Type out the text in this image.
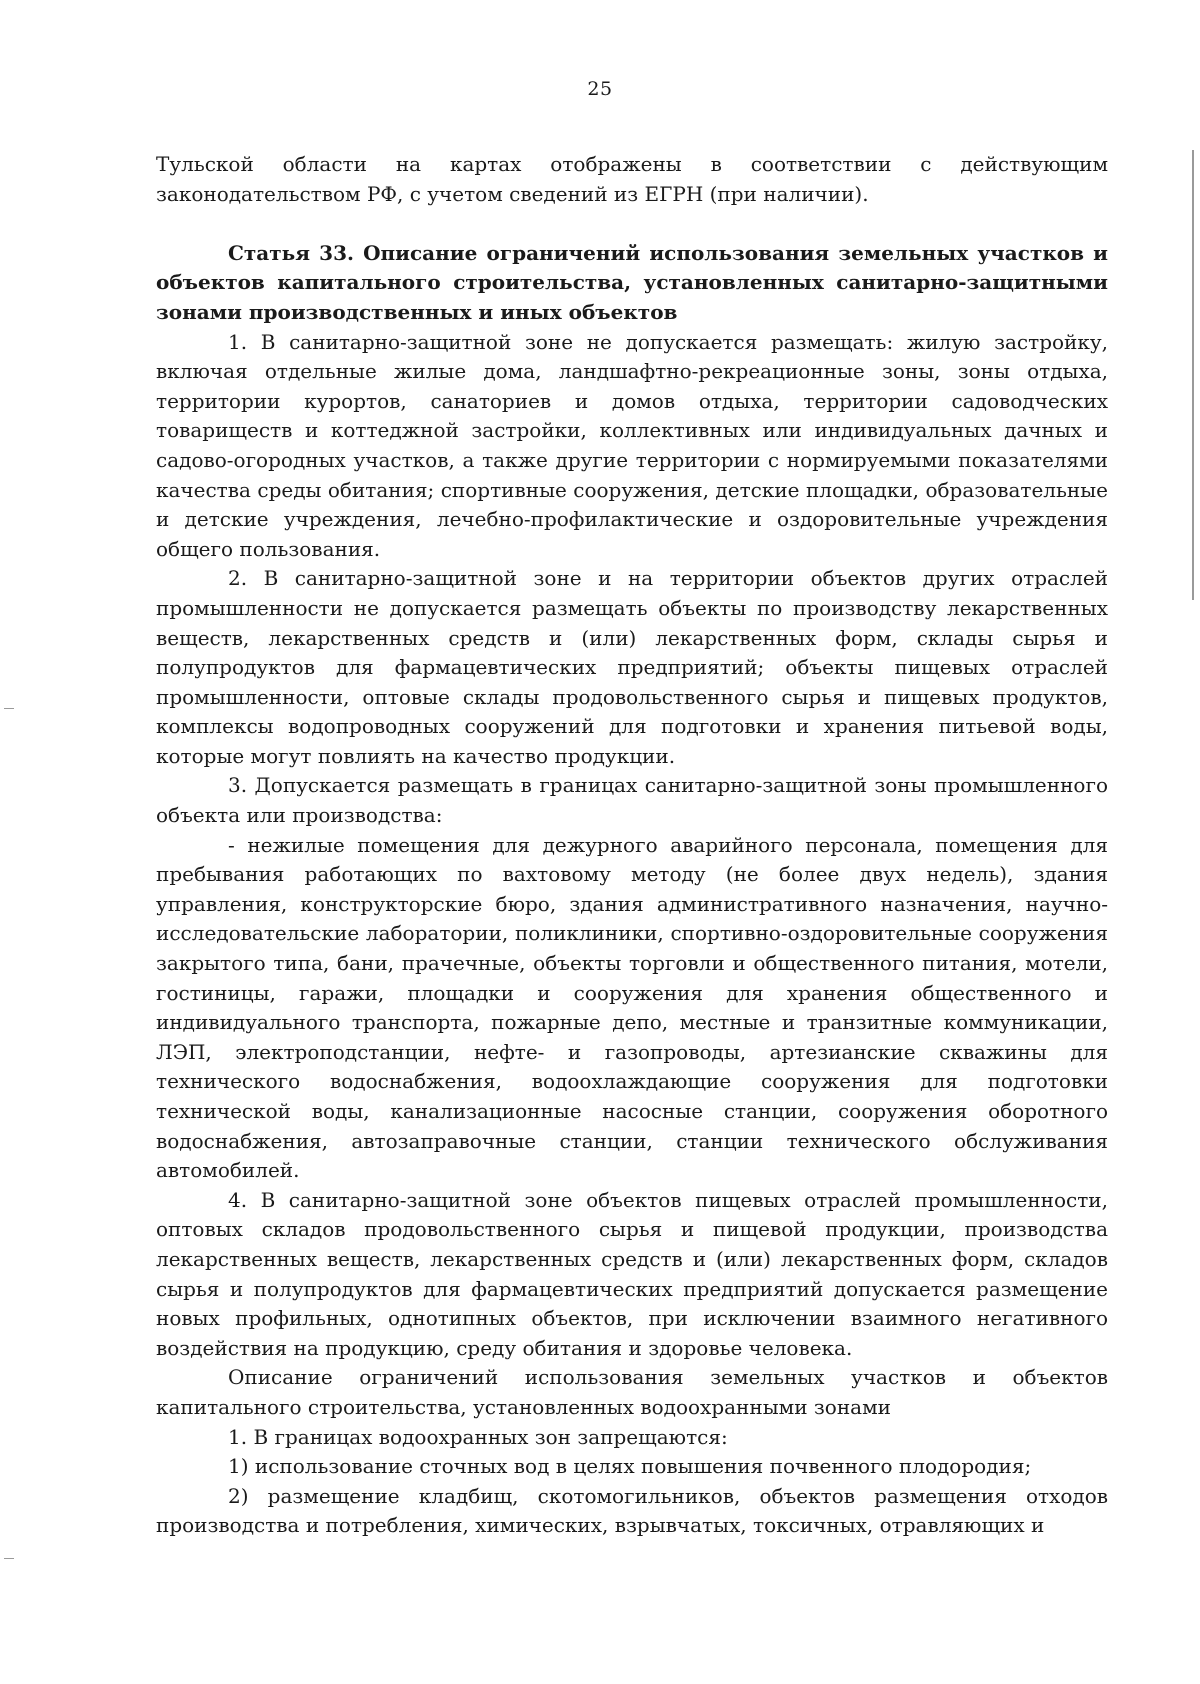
25

Тульской области на картах отображены в соответствии с действующим законодательством РФ, с учетом сведений из ЕГРН (при наличии).

Статья 33. Описание ограничений использования земельных участков и объектов капитального строительства, установленных санитарно-защитными зонами производственных и иных объектов

1. В санитарно-защитной зоне не допускается размещать: жилую застройку, включая отдельные жилые дома, ландшафтно-рекреационные зоны, зоны отдыха, территории курортов, санаториев и домов отдыха, территории садоводческих товариществ и коттеджной застройки, коллективных или индивидуальных дачных и садово-огородных участков, а также другие территории с нормируемыми показателями качества среды обитания; спортивные сооружения, детские площадки, образовательные и детские учреждения, лечебно-профилактические и оздоровительные учреждения общего пользования.

2. В санитарно-защитной зоне и на территории объектов других отраслей промышленности не допускается размещать объекты по производству лекарственных веществ, лекарственных средств и (или) лекарственных форм, склады сырья и полупродуктов для фармацевтических предприятий; объекты пищевых отраслей промышленности, оптовые склады продовольственного сырья и пищевых продуктов, комплексы водопроводных сооружений для подготовки и хранения питьевой воды, которые могут повлиять на качество продукции.

3. Допускается размещать в границах санитарно-защитной зоны промышленного объекта или производства:

- нежилые помещения для дежурного аварийного персонала, помещения для пребывания работающих по вахтовому методу (не более двух недель), здания управления, конструкторские бюро, здания административного назначения, научно-исследовательские лаборатории, поликлиники, спортивно-оздоровительные сооружения закрытого типа, бани, прачечные, объекты торговли и общественного питания, мотели, гостиницы, гаражи, площадки и сооружения для хранения общественного и индивидуального транспорта, пожарные депо, местные и транзитные коммуникации, ЛЭП, электроподстанции, нефте- и газопроводы, артезианские скважины для технического водоснабжения, водоохлаждающие сооружения для подготовки технической воды, канализационные насосные станции, сооружения оборотного водоснабжения, автозаправочные станции, станции технического обслуживания автомобилей.

4. В санитарно-защитной зоне объектов пищевых отраслей промышленности, оптовых складов продовольственного сырья и пищевой продукции, производства лекарственных веществ, лекарственных средств и (или) лекарственных форм, складов сырья и полупродуктов для фармацевтических предприятий допускается размещение новых профильных, однотипных объектов, при исключении взаимного негативного воздействия на продукцию, среду обитания и здоровье человека.

Описание ограничений использования земельных участков и объектов капитального строительства, установленных водоохранными зонами

1. В границах водоохранных зон запрещаются:

1) использование сточных вод в целях повышения почвенного плодородия;

2) размещение кладбищ, скотомогильников, объектов размещения отходов производства и потребления, химических, взрывчатых, токсичных, отравляющих и
